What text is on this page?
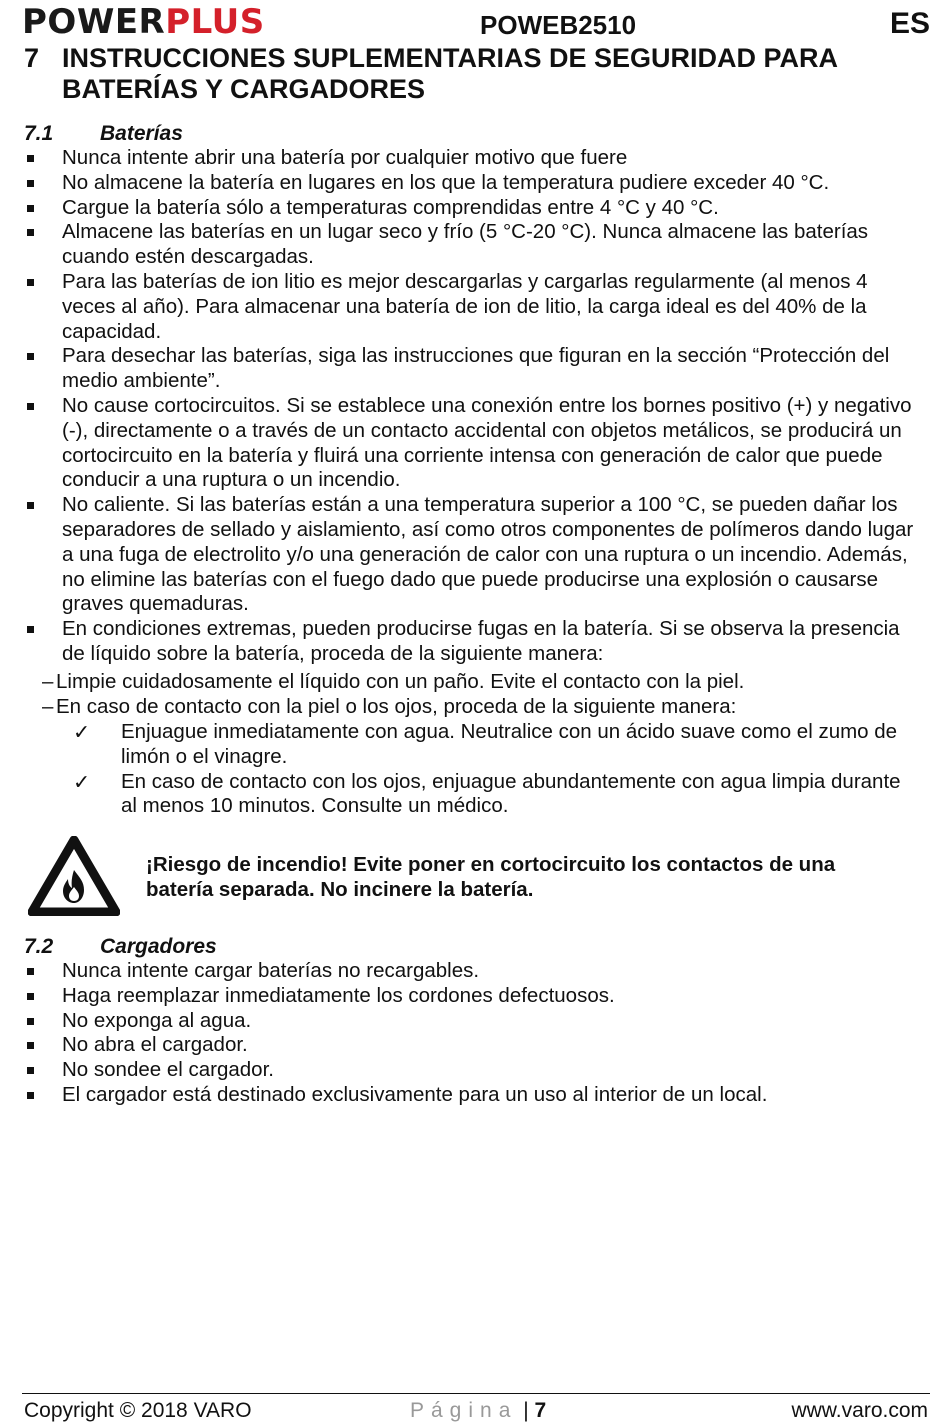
POWERPLUS	POWEB2510	ES
7 INSTRUCCIONES SUPLEMENTARIAS DE SEGURIDAD PARA BATERÍAS Y CARGADORES
7.1 Baterías
Nunca intente abrir una batería por cualquier motivo que fuere
No almacene la batería en lugares en los que la temperatura pudiere exceder 40 °C.
Cargue la batería sólo a temperaturas comprendidas entre 4 °C y 40 °C.
Almacene las baterías en un lugar seco y frío (5 °C-20 °C). Nunca almacene las baterías cuando estén descargadas.
Para las baterías de ion litio es mejor descargarlas y cargarlas regularmente (al menos 4 veces al año). Para almacenar una batería de ion de litio, la carga ideal es del 40% de la capacidad.
Para desechar las baterías, siga las instrucciones que figuran en la sección “Protección del medio ambiente”.
No cause cortocircuitos. Si se establece una conexión entre los bornes positivo (+) y negativo (-), directamente o a través de un contacto accidental con objetos metálicos, se producirá un cortocircuito en la batería y fluirá una corriente intensa con generación de calor que puede conducir a una ruptura o un incendio.
No caliente. Si las baterías están a una temperatura superior a 100 °C, se pueden dañar los separadores de sellado y aislamiento, así como otros componentes de polímeros dando lugar a una fuga de electrolito y/o una generación de calor con una ruptura o un incendio. Además, no elimine las baterías con el fuego dado que puede producirse una explosión o causarse graves quemaduras.
En condiciones extremas, pueden producirse fugas en la batería. Si se observa la presencia de líquido sobre la batería, proceda de la siguiente manera:
– Limpie cuidadosamente el líquido con un paño. Evite el contacto con la piel.
– En caso de contacto con la piel o los ojos, proceda de la siguiente manera:
✓ Enjuague inmediatamente con agua. Neutralice con un ácido suave como el zumo de limón o el vinagre.
✓ En caso de contacto con los ojos, enjuague abundantemente con agua limpia durante al menos 10 minutos. Consulte un médico.
¡Riesgo de incendio! Evite poner en cortocircuito los contactos de una batería separada. No incinere la batería.
7.2 Cargadores
Nunca intente cargar baterías no recargables.
Haga reemplazar inmediatamente los cordones defectuosos.
No exponga al agua.
No abra el cargador.
No sondee el cargador.
El cargador está destinado exclusivamente para un uso al interior de un local.
Copyright © 2018 VARO	Página | 7	www.varo.com
